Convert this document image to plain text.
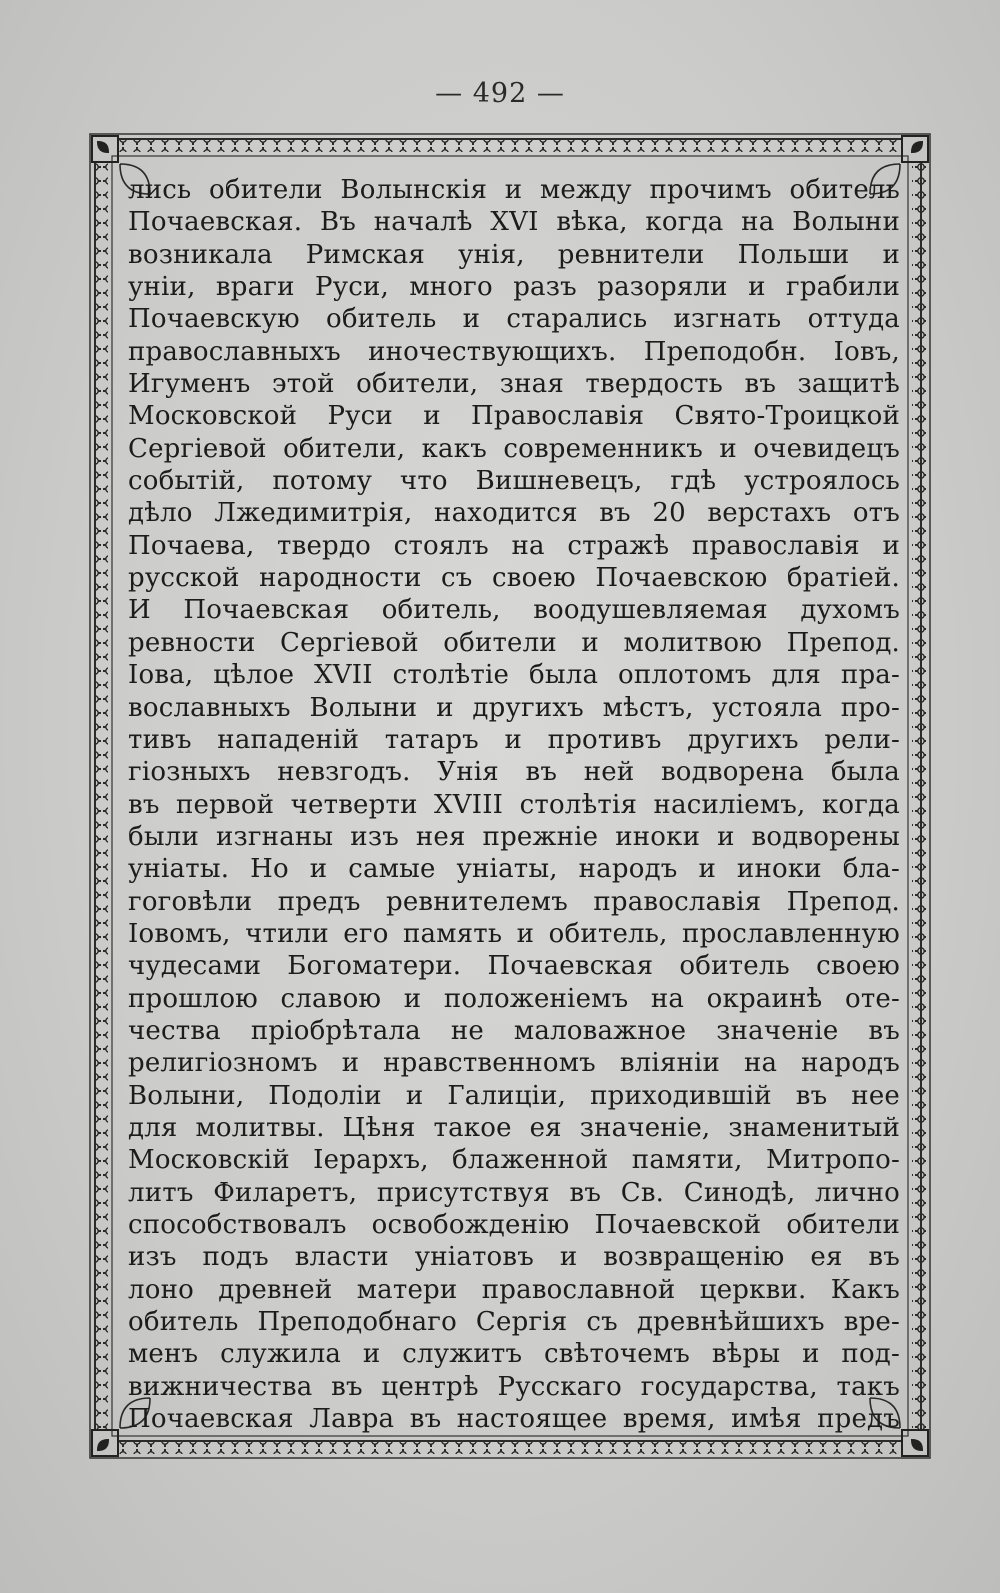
— 492 —
лись обители Волынскія и между прочимъ обитель
Почаевская. Въ началѣ XVI вѣка, когда на Волыни
возникала Римская унія, ревнители Польши и
уніи, враги Руси, много разъ разоряли и грабили
Почаевскую обитель и старались изгнать оттуда
православныхъ иночествующихъ. Преподобн. Іовъ,
Игуменъ этой обители, зная твердость въ защитѣ
Московской Руси и Православія Свято-Троицкой
Сергіевой обители, какъ современникъ и очевидецъ
событій, потому что Вишневецъ, гдѣ устроялось
дѣло Лжедимитрія, находится въ 20 верстахъ отъ
Почаева, твердо стоялъ на стражѣ православія и
русской народности съ своею Почаевскою братіей.
И Почаевская обитель, воодушевляемая духомъ
ревности Сергіевой обители и молитвою Препод.
Іова, цѣлое XVII столѣтіе была оплотомъ для пра-
вославныхъ Волыни и другихъ мѣстъ, устояла про-
тивъ нападеній татаръ и противъ другихъ рели-
гіозныхъ невзгодъ. Унія въ ней водворена была
въ первой четверти XVIII столѣтія насиліемъ, когда
были изгнаны изъ нея прежніе иноки и водворены
уніаты. Но и самые уніаты, народъ и иноки бла-
гоговѣли предъ ревнителемъ православія Препод.
Іовомъ, чтили его память и обитель, прославленную
чудесами Богоматери. Почаевская обитель своею
прошлою славою и положеніемъ на окраинѣ оте-
чества пріобрѣтала не маловажное значеніе въ
религіозномъ и нравственномъ вліяніи на народъ
Волыни, Подоліи и Галиціи, приходившій въ нее
для молитвы. Цѣня такое ея значеніе, знаменитый
Московскій Іерархъ, блаженной памяти, Митропо-
литъ Филаретъ, присутствуя въ Св. Синодѣ, лично
способствовалъ освобожденію Почаевской обители
изъ подъ власти уніатовъ и возвращенію ея въ
лоно древней матери православной церкви. Какъ
обитель Преподобнаго Сергія съ древнѣйшихъ вре-
менъ служила и служитъ свѣточемъ вѣры и под-
вижничества въ центрѣ Русскаго государства, такъ
Почаевская Лавра въ настоящее время, имѣя предъ
